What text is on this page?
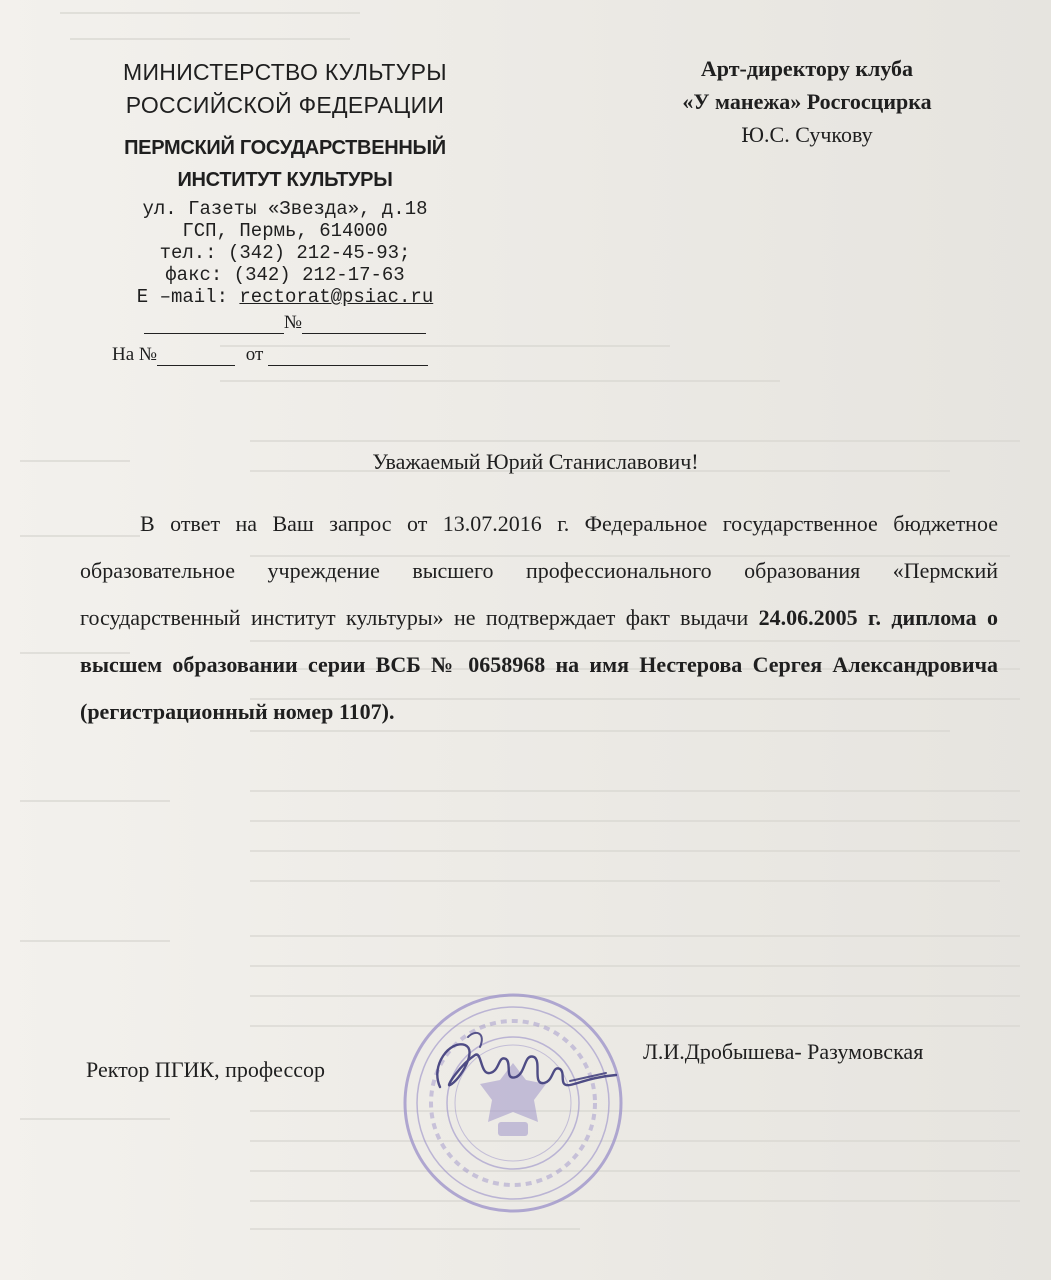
МИНИСТЕРСТВО КУЛЬТУРЫ
РОССИЙСКОЙ ФЕДЕРАЦИИ
ПЕРМСКИЙ ГОСУДАРСТВЕННЫЙ
ИНСТИТУТ КУЛЬТУРЫ
ул. Газеты «Звезда», д.18
ГСП, Пермь, 614000
тел.: (342) 212-45-93;
факс: (342) 212-17-63
E –mail: rectorat@psiac.ru
№
На №	от
Арт-директору клуба
«У манежа» Росгосцирка
Ю.С. Сучкову
Уважаемый Юрий Станиславович!
В ответ на Ваш запрос от 13.07.2016 г. Федеральное государственное бюджетное образовательное учреждение высшего профессионального образования «Пермский государственный институт культуры» не подтверждает факт выдачи 24.06.2005 г. диплома о высшем образовании серии ВСБ № 0658968 на имя Нестерова Сергея Александровича (регистрационный номер 1107).
Ректор ПГИК, профессор
Л.И.Дробышева- Разумовская
